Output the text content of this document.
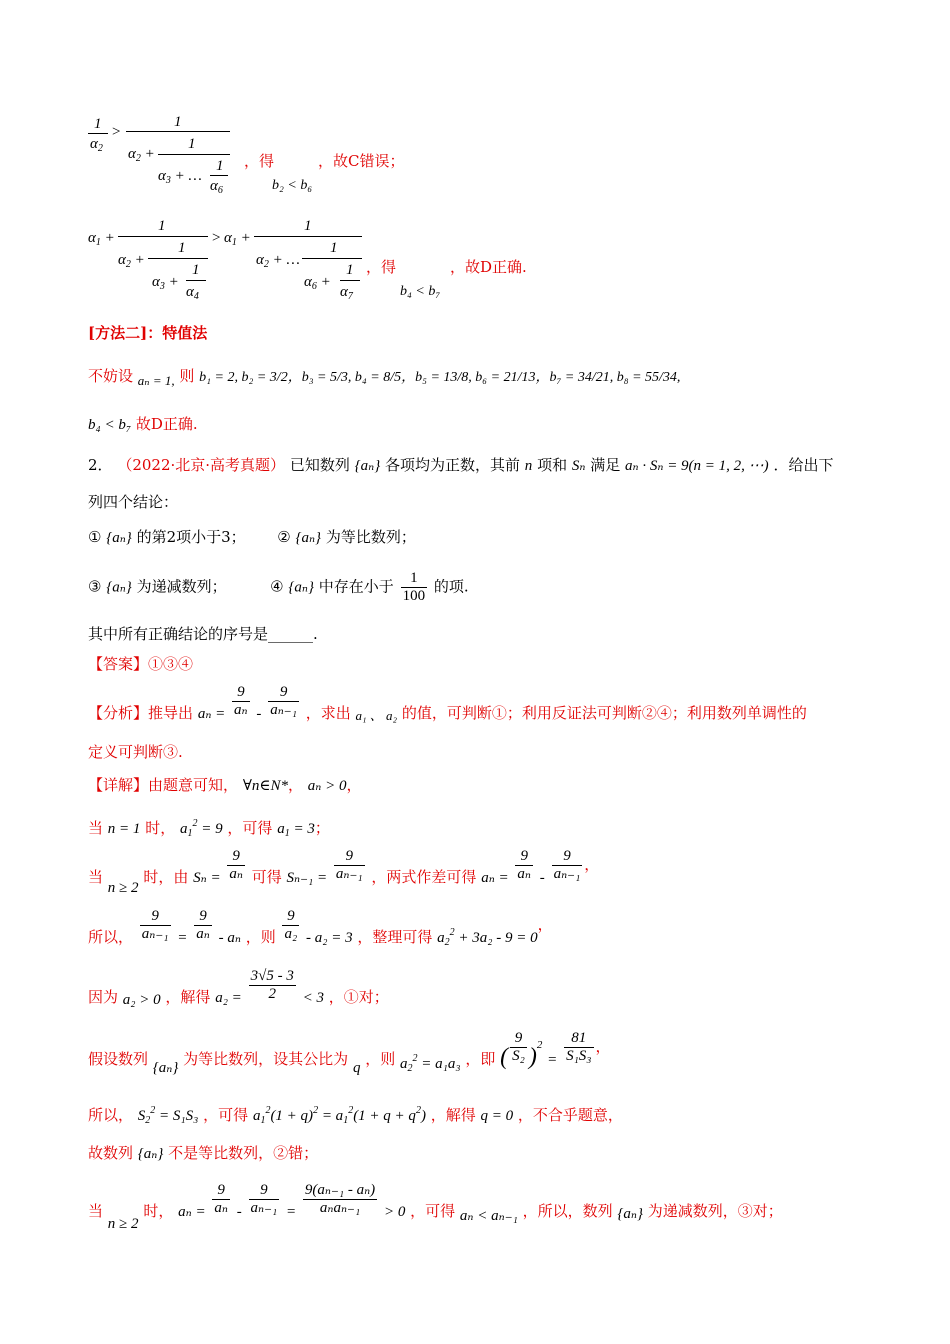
1
$\alpha_2$
>
1
$\alpha_2$ +
1
$\alpha_3$ + …
1
$\alpha_6$
，得	，故C错误；
b₂ < b₆
$\alpha_1$ +
1
$\alpha_2$ +
1
$\alpha_3$ +
1
$\alpha_4$
> $\alpha_1$ +
1
$\alpha_2$ + …
1
$\alpha_6$ +
1
$\alpha_7$
，得	，故D正确.
b₄ < b₇
[方法二]：特值法
不妨设 aₙ = 1, 则 b₁ = 2, b₂ = 3/2，b₃ = 5/3, b₄ = 8/5，b₅ = 13/8, b₆ = 21/13，b₇ = 34/21, b₈ = 55/34,
b₄ < b₇ 故D正确.
2． （2022·北京·高考真题） 已知数列 {aₙ} 各项均为正数，其前 n 项和 Sₙ 满足 aₙ · Sₙ = 9(n = 1, 2, ⋯) ．给出下
列四个结论：
① {aₙ} 的第2项小于3； ② {aₙ} 为等比数列；
③ {aₙ} 为递减数列；	④ {aₙ} 中存在小于 $\frac{1}{100}$ 的项.
其中所有正确结论的序号是______.
【答案】①③④
【分析】推导出 $a_n = \frac{9}{\text{aₙ}} - \frac{9}{\text{aₙ₋₁}}$ ，求出 a₁ 、 a₂ 的值，可判断①；利用反证法可判断②④；利用数列单调性的
定义可判断③.
【详解】由题意可知， ∀n∈N*， aₙ > 0，
当 n = 1 时， $a_1^2 = 9$ ，可得 $a_1 = 3$；
当 n ≥ 2 时，由 $S_n = \frac{9}{\text{aₙ}}$ 可得 $S_{n-1} = \frac{9}{\text{aₙ₋₁}}$ ，两式作差可得 $a_n = \frac{9}{\text{aₙ}} - \frac{9}{\text{aₙ₋₁}}$ ，
所以， $\frac{9}{\text{aₙ₋₁}} = \frac{9}{\text{aₙ}} - a_n$ ，则 $\frac{9}{\text{a₂}} - a_2 = 3$ ，整理可得 $a_2^2 + 3a_2 - 9 = 0$，
因为 a₂ > 0 ，解得 $a_2 = \frac{3√5 - 3}{2} < 3$ ，①对；
假设数列 {aₙ} 为等比数列，设其公比为 q ，则 $a_2^2 = a_1a_3$ ，即 ( $\frac{9}{\text{S₂}} )^2 = \frac{81}{\text{S₁S₃}}$ ，
所以， $S_2^2 = S_1S_3$ ，可得 $a_1^2(1 + q)^2 = a_1^2(1 + q + q^2)$ ，解得 q = 0 ，不合乎题意，
故数列 {aₙ} 不是等比数列，②错；
当 n ≥ 2 时， $a_n = \frac{9}{\text{aₙ}} - \frac{9}{\text{aₙ₋₁}}$ =
9(aₙ₋₁ - aₙ)
aₙaₙ₋₁	> 0 ，可得 aₙ < aₙ₋₁ ，所以，数列 {aₙ} 为递减数列，③对；
